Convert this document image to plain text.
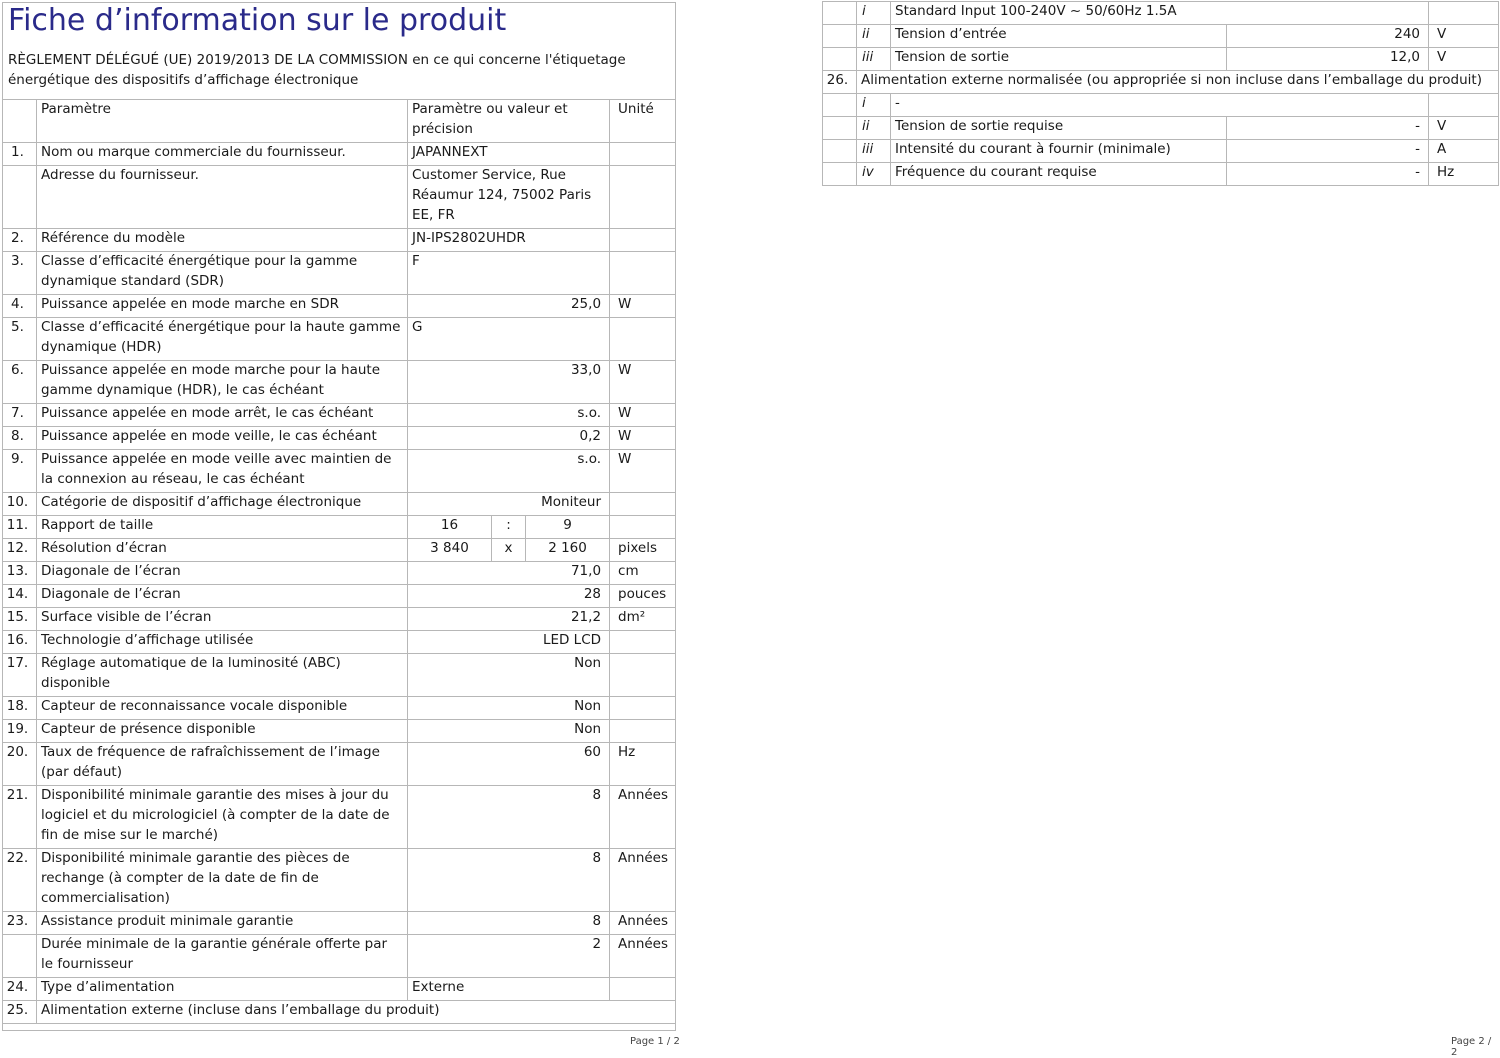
Fiche d’information sur le produit
RÈGLEMENT DÉLÉGUÉ (UE) 2019/2013 DE LA COMMISSION en ce qui concerne l'étiquetage énergétique des dispositifs d’affichage électronique
	Paramètre	Paramètre ou valeur et précision			Unité
1.	Nom ou marque commerciale du fournisseur.	JAPANNEXT			
	Adresse du fournisseur.	Customer Service, Rue Réaumur 124, 75002 Paris EE, FR			
2.	Référence du modèle	JN-IPS2802UHDR			
3.	Classe d’efficacité énergétique pour la gamme dynamique standard (SDR)	F			
4.	Puissance appelée en mode marche en SDR	25,0			W
5.	Classe d’efficacité énergétique pour la haute gamme dynamique (HDR)	G			
6.	Puissance appelée en mode marche pour la haute gamme dynamique (HDR), le cas échéant	33,0			W
7.	Puissance appelée en mode arrêt, le cas échéant	s.o.			W
8.	Puissance appelée en mode veille, le cas échéant	0,2			W
9.	Puissance appelée en mode veille avec maintien de la connexion au réseau, le cas échéant	s.o.			W
10.	Catégorie de dispositif d’affichage électronique	Moniteur			
11.	Rapport de taille	16	:	9	
12.	Résolution d’écran	3 840	x	2 160	pixels
13.	Diagonale de l’écran	71,0			cm
14.	Diagonale de l’écran	28			pouces
15.	Surface visible de l’écran	21,2			dm²
16.	Technologie d’affichage utilisée	LED LCD			
17.	Réglage automatique de la luminosité (ABC) disponible	Non			
18.	Capteur de reconnaissance vocale disponible	Non			
19.	Capteur de présence disponible	Non			
20.	Taux de fréquence de rafraîchissement de l’image (par défaut)	60			Hz
21.	Disponibilité minimale garantie des mises à jour du logiciel et du micrologiciel (à compter de la date de fin de mise sur le marché)	8			Années
22.	Disponibilité minimale garantie des pièces de rechange (à compter de la date de fin de commercialisation)	8			Années
23.	Assistance produit minimale garantie	8			Années
	Durée minimale de la garantie générale offerte par le fournisseur	2			Années
24.	Type d’alimentation	Externe			
25.	Alimentation externe (incluse dans l’emballage du produit)				
	i	Standard Input 100-240V ~ 50/60Hz 1.5A		
	ii	Tension d’entrée	240	V
	iii	Tension de sortie	12,0	V
26.	Alimentation externe normalisée (ou appropriée si non incluse dans l’emballage du produit)			
	i	-		
	ii	Tension de sortie requise	-	V
	iii	Intensité du courant à fournir (minimale)	-	A
	iv	Fréquence du courant requise	-	Hz
Page 1 / 2	Page 2 / 2
